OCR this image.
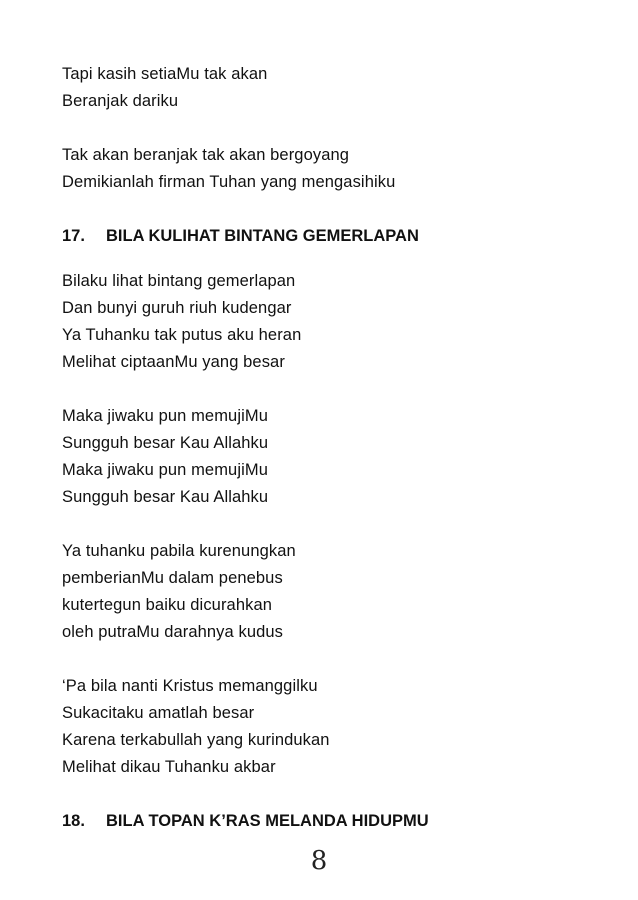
Tapi kasih setiaMu tak akan
Beranjak dariku
Tak akan beranjak tak akan bergoyang
Demikianlah firman Tuhan yang mengasihiku
17. BILA KULIHAT BINTANG GEMERLAPAN
Bilaku lihat bintang gemerlapan
Dan bunyi guruh riuh kudengar
Ya Tuhanku tak putus aku heran
Melihat ciptaanMu yang besar
Maka jiwaku pun memujiMu
Sungguh besar Kau Allahku
Maka jiwaku pun memujiMu
Sungguh besar Kau Allahku
Ya tuhanku pabila kurenungkan
pemberianMu dalam penebus
kutertegun baiku dicurahkan
oleh putraMu darahnya kudus
‘Pa bila nanti Kristus memanggilku
Sukacitaku amatlah besar
Karena terkabullah yang kurindukan
Melihat dikau Tuhanku akbar
18. BILA TOPAN K’RAS MELANDA HIDUPMU
8
